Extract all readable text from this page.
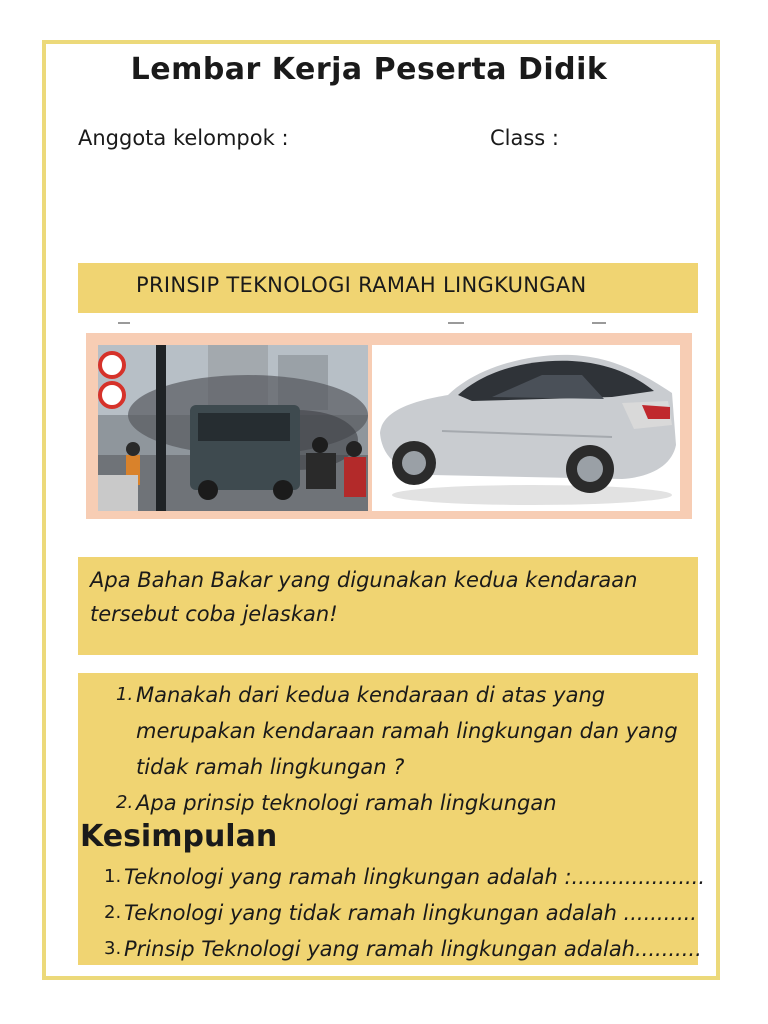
Lembar Kerja Peserta Didik
Anggota kelompok :	Class :
PRINSIP TEKNOLOGI RAMAH LINGKUNGAN
Apa Bahan Bakar yang digunakan kedua kendaraan tersebut coba jelaskan!
1. Manakah dari kedua kendaraan di atas yang merupakan kendaraan ramah lingkungan dan yang tidak ramah lingkungan ?
2. Apa prinsip teknologi ramah lingkungan
Kesimpulan
1. Teknologi yang ramah lingkungan adalah :....................
2. Teknologi yang tidak ramah lingkungan adalah ...........
3. Prinsip Teknologi yang ramah lingkungan adalah..........
